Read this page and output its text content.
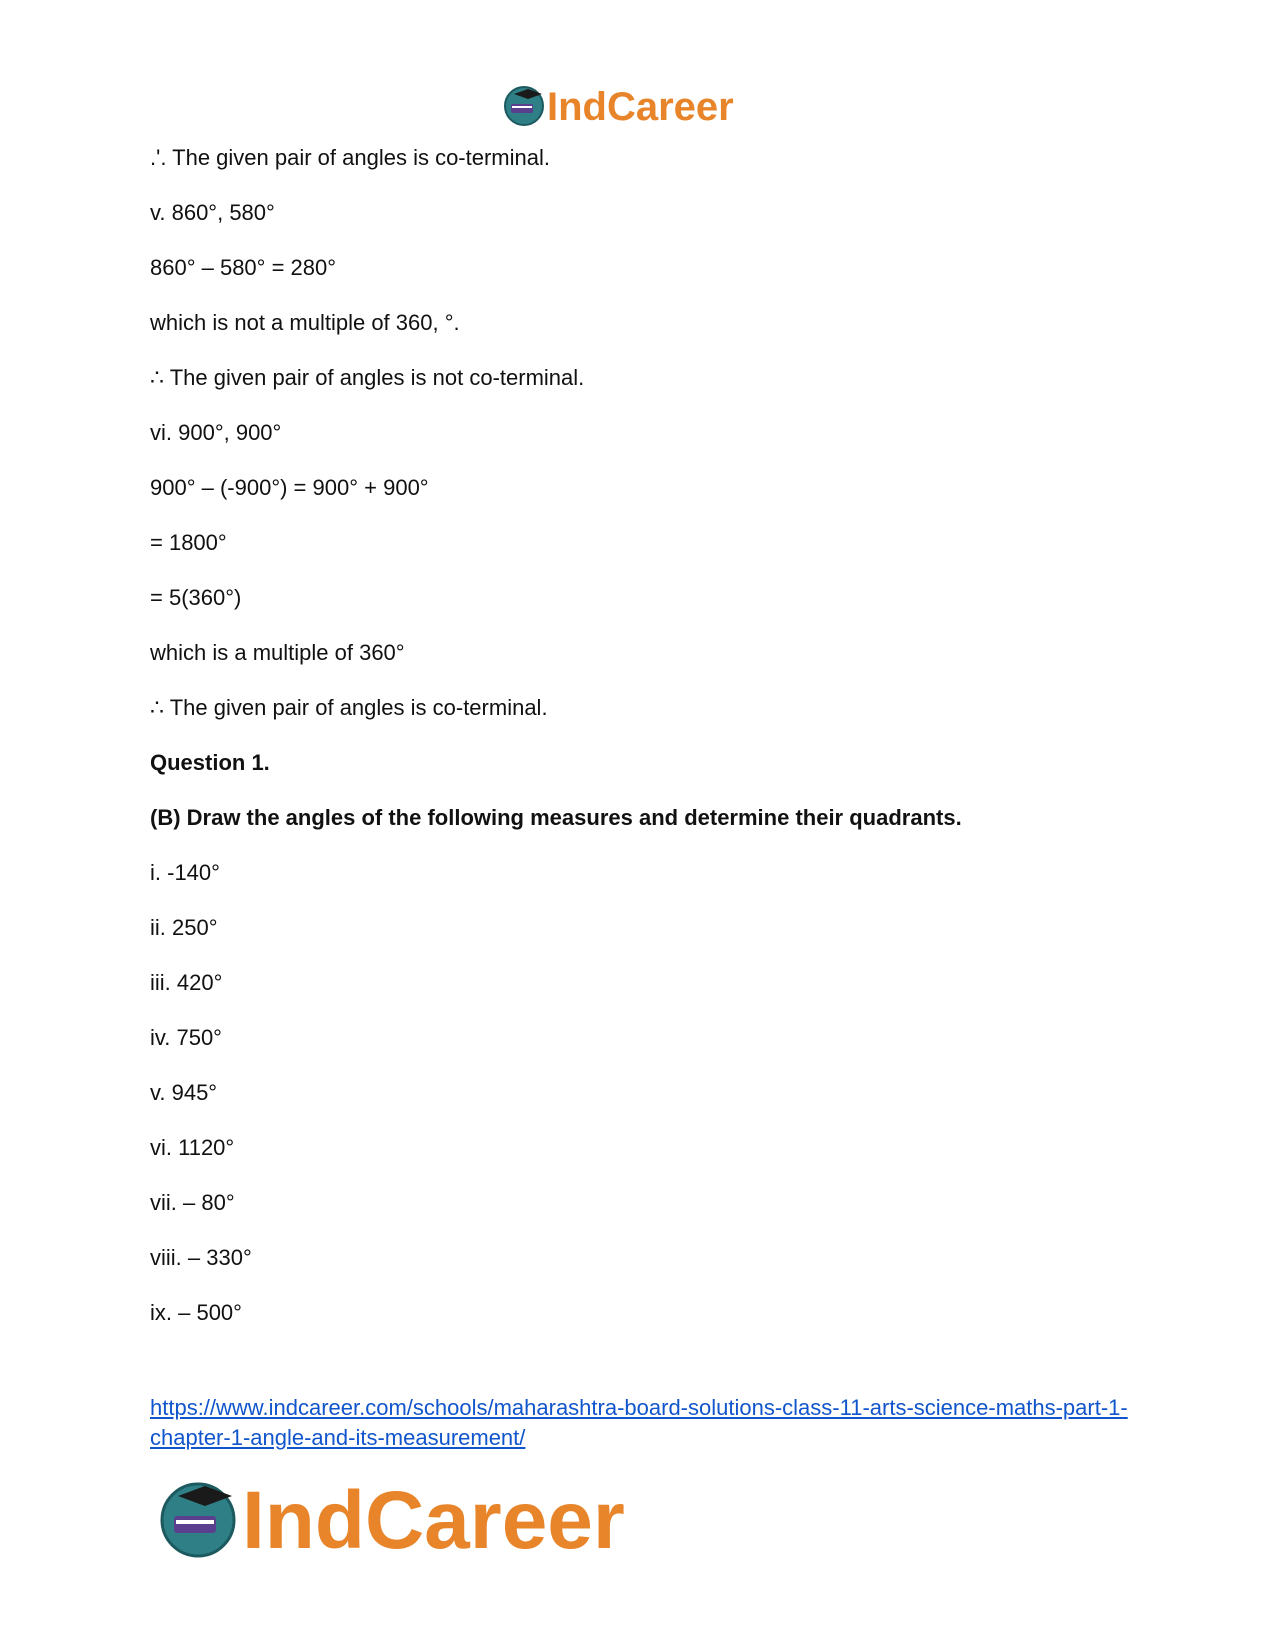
IndCareer
.'. The given pair of angles is co-terminal.
v. 860°, 580°
860° – 580° = 280°
which is not a multiple of 360, °.
∴ The given pair of angles is not co-terminal.
vi. 900°, 900°
900° – (-900°) = 900° + 900°
= 1800°
= 5(360°)
which is a multiple of 360°
∴ The given pair of angles is co-terminal.
Question 1.
(B) Draw the angles of the following measures and determine their quadrants.
i. -140°
ii. 250°
iii. 420°
iv. 750°
v. 945°
vi. 1120°
vii. – 80°
viii. – 330°
ix. – 500°
https://www.indcareer.com/schools/maharashtra-board-solutions-class-11-arts-science-maths-part-1-chapter-1-angle-and-its-measurement/
IndCareer
